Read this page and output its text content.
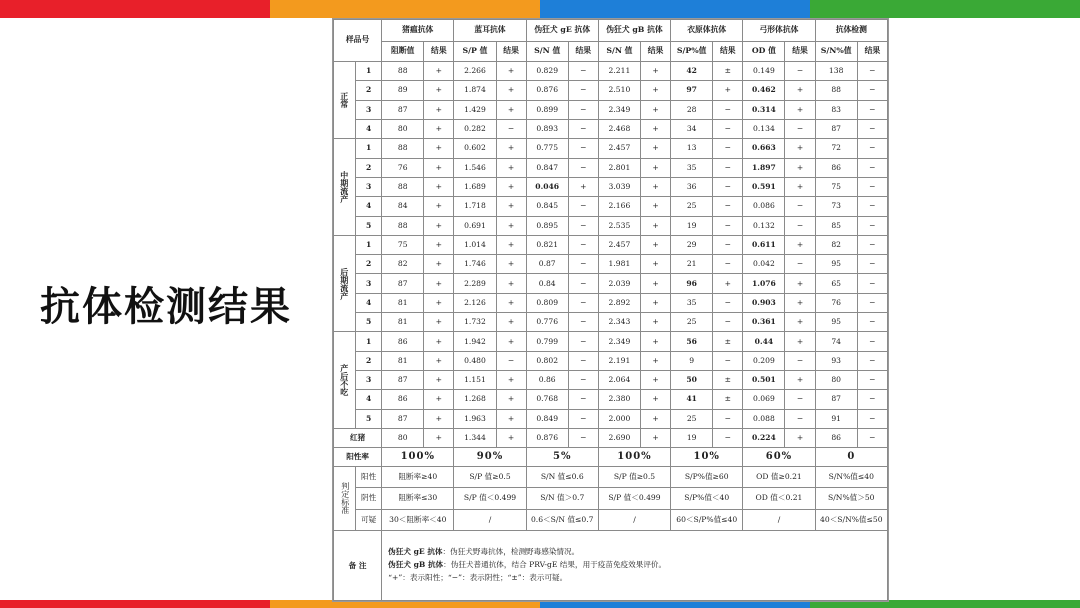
抗体检测结果
样品号		猪瘟抗体		蓝耳抗体		伪狂犬 gE 抗体		伪狂犬 gB 抗体		衣原体抗体		弓形体抗体		抗体检测	
		阻断值	结果	S/P 值	结果	S/N 值	结果	S/N 值	结果	S/P%值	结果	OD 值	结果	S/N%值	结果
正常	1	88	+	2.266	+	0.829	−	2.211	+	42	±	0.149	−	138	−
	2	89	+	1.874	+	0.876	−	2.510	+	97	+	0.462	+	88	−
	3	87	+	1.429	+	0.899	−	2.349	+	28	−	0.314	+	83	−
	4	80	+	0.282	−	0.893	−	2.468	+	34	−	0.134	−	87	−
中期流产	1	88	+	0.602	+	0.775	−	2.457	+	13	−	0.663	+	72	−
	2	76	+	1.546	+	0.847	−	2.801	+	35	−	1.897	+	86	−
	3	88	+	1.689	+	0.046	+	3.039	+	36	−	0.591	+	75	−
	4	84	+	1.718	+	0.845	−	2.166	+	25	−	0.086	−	73	−
	5	88	+	0.691	+	0.895	−	2.535	+	19	−	0.132	−	85	−
后期流产	1	75	+	1.014	+	0.821	−	2.457	+	29	−	0.611	+	82	−
	2	82	+	1.746	+	0.87	−	1.981	+	21	−	0.042	−	95	−
	3	87	+	2.289	+	0.84	−	2.039	+	96	+	1.076	+	65	−
	4	81	+	2.126	+	0.809	−	2.892	+	35	−	0.903	+	76	−
	5	81	+	1.732	+	0.776	−	2.343	+	25	−	0.361	+	95	−
产后不吃	1	86	+	1.942	+	0.799	−	2.349	+	56	±	0.44	+	74	−
	2	81	+	0.480	−	0.802	−	2.191	+	9	−	0.209	−	93	−
	3	87	+	1.151	+	0.86	−	2.064	+	50	±	0.501	+	80	−
	4	86	+	1.268	+	0.768	−	2.380	+	41	±	0.069	−	87	−
	5	87	+	1.963	+	0.849	−	2.000	+	25	−	0.088	−	91	−
红猪		80	+	1.344	+	0.876	−	2.690	+	19	−	0.224	+	86	−
阳性率		100%		90%		5%		100%		10%		60%		0	
判定标准	阳性	阻断率≥40		S/P 值≥0.5		S/N 值≤0.6		S/P 值≥0.5		S/P%值≥60		OD 值≥0.21		S/N%值≤40	
	阴性	阻断率≤30		S/P 值＜0.499		S/N 值＞0.7		S/P 值＜0.499		S/P%值＜40		OD 值＜0.21		S/N%值＞50	
	可疑	30＜阻断率＜40		/		0.6＜S/N 值≤0.7		/		60＜S/P%值≤40		/		40＜S/N%值≤50	
备 注		伪狂犬 gE 抗体：伪狂犬野毒抗体，检测野毒感染情况。
伪狂犬 gB 抗体：伪狂犬普通抗体，结合 PRV-gE 结果，用于疫苗免疫效果评价。
“+”：表示阳性；“−”：表示阴性；“±”：表示可疑。													
